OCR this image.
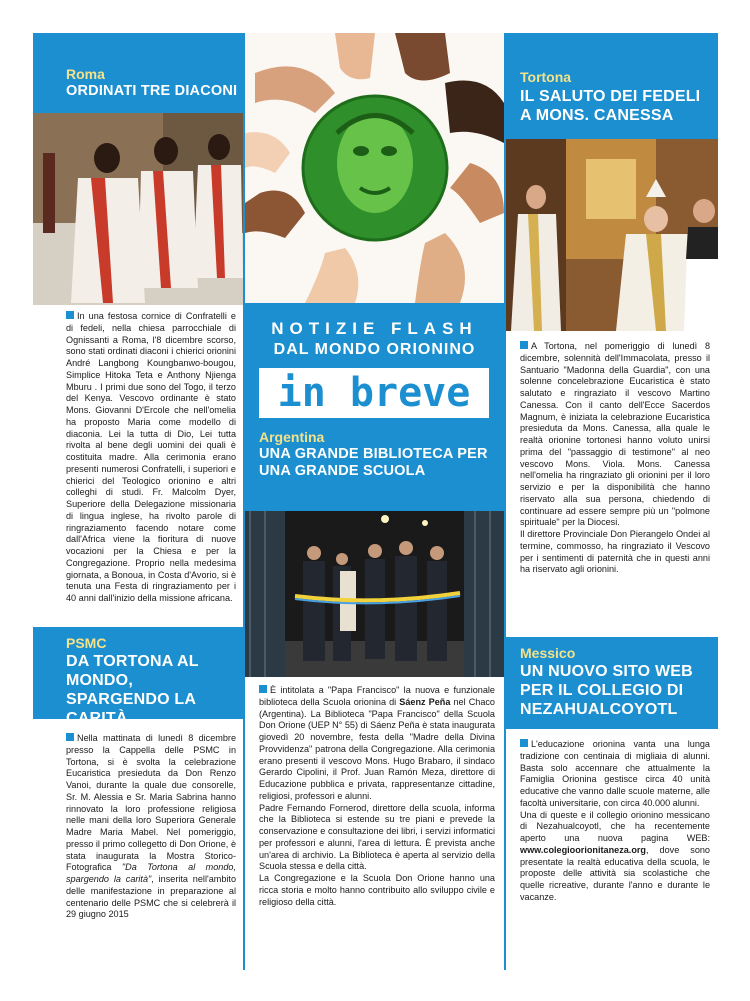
Roma
ORDINATI TRE DIACONI

In una festosa cornice di Confratelli e di fedeli, nella chiesa parrocchiale di Ognissanti a Roma, l'8 dicembre scorso, sono stati ordinati diaconi i chierici orionini André Langbong Koungbanwo-bougou, Simplice Hitoka Teta e Anthony Njienga Mburu . I primi due sono del Togo, il terzo del Kenya. Vescovo ordinante è stato Mons. Giovanni D'Ercole che nell'omelia ha proposto Maria come modello di diaconia. Lei la tutta di Dio, Lei tutta rivolta al bene degli uomini dei quali è costituita madre. Alla cerimonia erano presenti numerosi Confratelli, i superiori e chierici del Teologico orionino e altri colleghi di studi. Fr. Malcolm Dyer, Superiore della Delegazione missionaria di lingua inglese, ha rivolto parole di ringraziamento facendo notare come dall'Africa viene la fioritura di nuove vocazioni per la Chiesa e per la Congregazione. Proprio nella medesima giornata, a Bonoua, in Costa d'Avorio, si è tenuta una Festa di ringraziamento per i 40 anni dall'inizio della missione africana.

PSMC
DA TORTONA AL MONDO, SPARGENDO LA

Nella mattinata di lunedì 8 dicembre presso la Cappella delle PSMC in Tortona, si è svolta la celebrazione Eucaristica presieduta da Don Renzo Vanoi, durante la quale due consorelle, Sr. M. Alessia e Sr. Maria Sabrina hanno rinnovato la loro professione religiosa nelle mani della loro Superiora Generale Madre Maria Mabel. Nel pomeriggio, presso il primo collegetto di Don Orione, è stata inaugurata la Mostra Storico-Fotografica "Da Tortona al mondo, spargendo la carità", inserita nell'ambito delle manifestazione in preparazione al centenario delle PSMC che si celebrerà il 29 giugno 2015

NOTIZIE FLASH
DAL MONDO ORIONINO
in breve
Argentina
UNA GRANDE BIBLIOTECA PER UNA GRANDE SCUOLA

È intitolata a "Papa Francisco" la nuova e funzionale biblioteca della Scuola orionina di Sáenz Peña nel Chaco (Argentina). La Biblioteca "Papa Francisco" della Scuola Don Orione (UEP N° 55) di Sáenz Peña è stata inaugurata giovedì 20 novembre, festa della "Madre della Divina Provvidenza" patrona della Congregazione. Alla cerimonia erano presenti il vescovo Mons. Hugo Brabaro, il sindaco Gerardo Cipolini, il Prof. Juan Ramón Meza, direttore di Educazione pubblica e privata, rappresentanze cittadine, religiosi, professori e alunni.

Padre Fernando Fornerod, direttore della scuola, informa che la Biblioteca si estende su tre piani e prevede la conservazione e consultazione dei libri, i servizi informatici per professori e alunni, l'area di lettura. È prevista anche un'area di archivio. La Biblioteca è aperta al servizio della Scuola stessa e della città.

La Congregazione e la Scuola Don Orione hanno una ricca storia e molto hanno contribuito allo sviluppo civile e religioso della città.

Tortona
IL SALUTO DEI FEDELI A MONS. CANESSA

A Tortona, nel pomeriggio di lunedì 8 dicembre, solennità dell'Immacolata, presso il Santuario "Madonna della Guardia", con una solenne concelebrazione Eucaristica è stato salutato e ringraziato il vescovo Martino Canessa. Con il canto dell'Ecce Sacerdos Magnum, è iniziata la celebrazione Eucaristica presieduta da Mons. Canessa, alla quale le realtà orionine tortonesi hanno voluto unirsi prima del "passaggio di testimone" al neo vescovo Mons. Viola. Mons. Canessa nell'omelia ha ringraziato gli orionini per il loro servizio e per la disponibilità che hanno riservato alla sua persona, chiedendo di continuare ad essere sempre più un "polmone spirituale" per la Diocesi.

Il direttore Provinciale Don Pierangelo Ondei al termine, commosso, ha ringraziato il Vescovo per i sentimenti di paternità che in questi anni ha riservato agli orionini.

Messico
UN NUOVO SITO WEB PER IL COLLEGIO DI NEZAHUALCOYOTL

L'educazione orionina vanta una lunga tradizione con centinaia di migliaia di alunni. Basta solo accennare che attualmente la Famiglia Orionina gestisce circa 40 unità educative che vanno dalle scuole materne, alle facoltà universitarie, con circa 40.000 alunni.

Una di queste e il collegio orionino messicano di Nezahualcoyotl, che ha recentemente aperto una nuova pagina WEB: www.colegioorionitaneza.org, dove sono presentate la realtà educativa della scuola, le proposte delle attività sia scolastiche che quelle ricreative, durante l'anno e durante le vacanze.
